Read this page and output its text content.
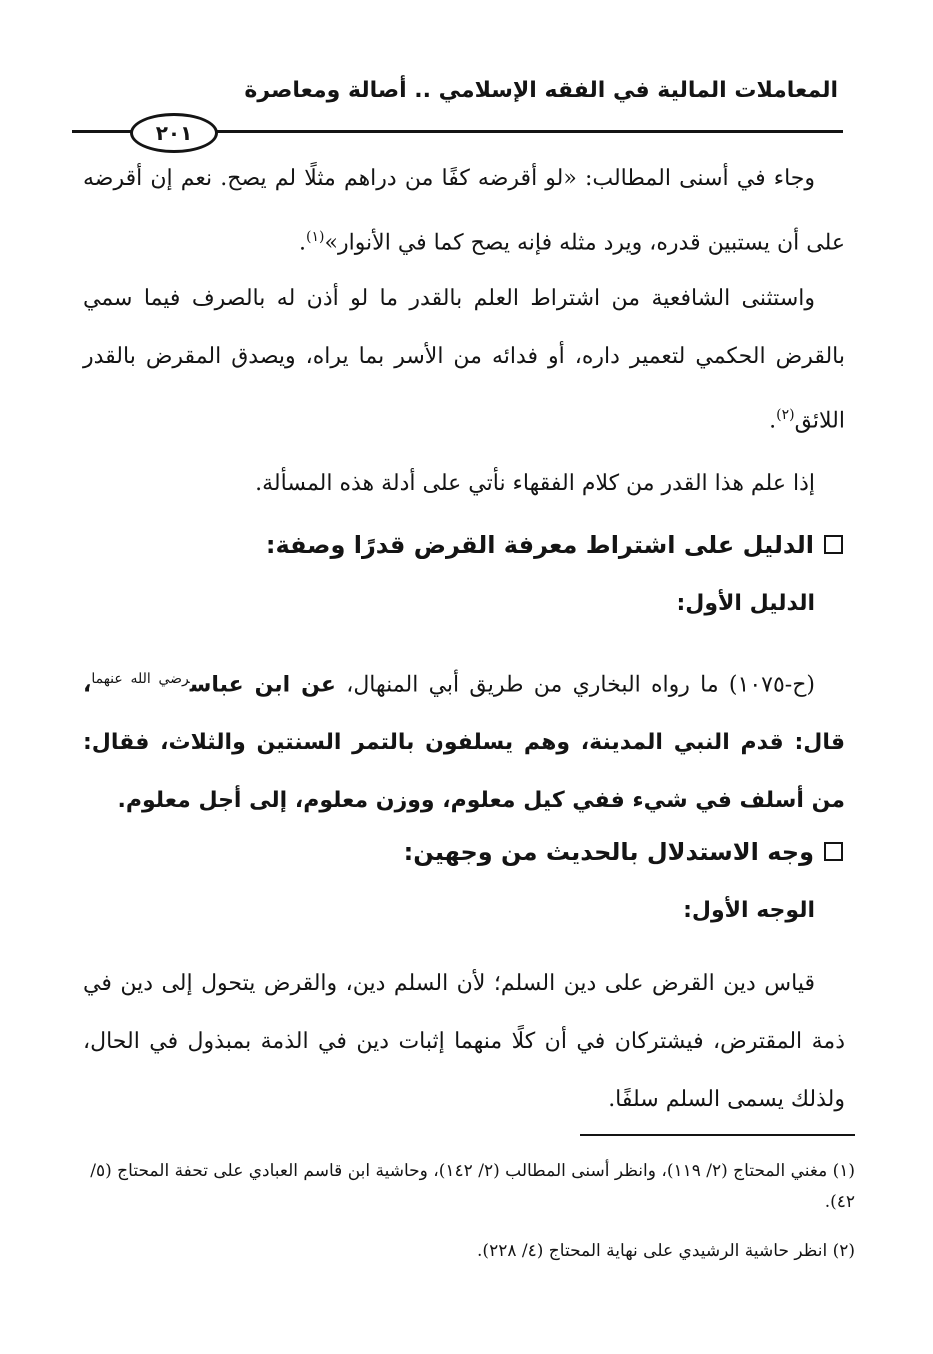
المعاملات المالية في الفقه الإسلامي .. أصالة ومعاصرة
٢٠١

وجاء في أسنى المطالب: «لو أقرضه كفًا من دراهم مثلًا لم يصح. نعم إن أقرضه على أن يستبين قدره، ويرد مثله فإنه يصح كما في الأنوار»$^{(١)}$.

واستثنى الشافعية من اشتراط العلم بالقدر ما لو أذن له بالصرف فيما سمي بالقرض الحكمي لتعمير داره، أو فدائه من الأسر بما يراه، ويصدق المقرض بالقدر اللائق$^{(٢)}$.

إذا علم هذا القدر من كلام الفقهاء نأتي على أدلة هذه المسألة.

الدليل على اشتراط معرفة القرض قدرًا وصفة:
الدليل الأول:

(ح-١٠٧٥) ما رواه البخاري من طريق أبي المنهال، عن ابن عباس$^{رضي الله عنهما}$، قال: قدم النبي المدينة، وهم يسلفون بالتمر السنتين والثلاث، فقال: من أسلف في شيء ففي كيل معلوم، ووزن معلوم، إلى أجل معلوم.

وجه الاستدلال بالحديث من وجهين:
الوجه الأول:

قياس دين القرض على دين السلم؛ لأن السلم دين، والقرض يتحول إلى دين في ذمة المقترض، فيشتركان في أن كلًا منهما إثبات دين في الذمة بمبذول في الحال، ولذلك يسمى السلم سلفًا.

(١) مغني المحتاج (٢/ ١١٩)، وانظر أسنى المطالب (٢/ ١٤٢)، وحاشية ابن قاسم العبادي على تحفة المحتاج (٥/ ٤٢).
(٢) انظر حاشية الرشيدي على نهاية المحتاج (٤/ ٢٢٨).
